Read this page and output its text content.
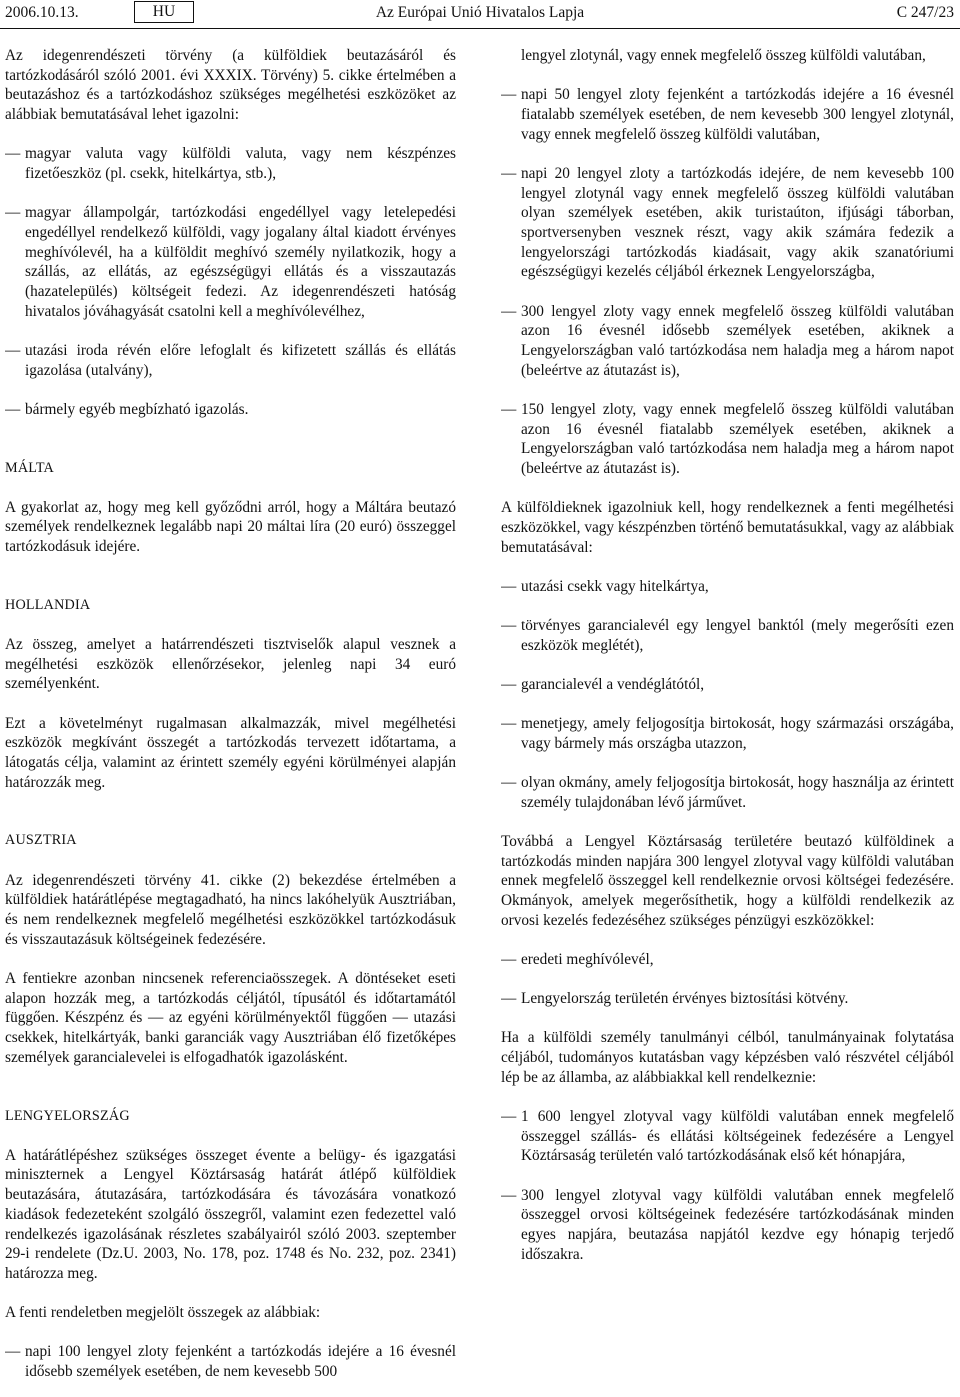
2006.10.13.	HU	Az Európai Unió Hivatalos Lapja	C 247/23

Az idegenrendészeti törvény (a külföldiek beutazásáról és tartózkodásáról szóló 2001. évi XXXIX. Törvény) 5. cikke értelmében a beutazáshoz és a tartózkodáshoz szükséges megélhetési eszközöket az alábbiak bemutatásával lehet igazolni:

— magyar valuta vagy külföldi valuta, vagy nem készpénzes fizetőeszköz (pl. csekk, hitelkártya, stb.),
— magyar állampolgár, tartózkodási engedéllyel vagy letelepedési engedéllyel rendelkező külföldi, vagy jogalany által kiadott érvényes meghívólevél, ha a külföldit meghívó személy nyilatkozik, hogy a szállás, az ellátás, az egészségügyi ellátás és a visszautazás (hazatelepülés) költségeit fedezi. Az idegenrendészeti hatóság hivatalos jóváhagyását csatolni kell a meghívólevélhez,
— utazási iroda révén előre lefoglalt és kifizetett szállás és ellátás igazolása (utalvány),
— bármely egyéb megbízható igazolás.
MÁLTA

A gyakorlat az, hogy meg kell győződni arról, hogy a Máltára beutazó személyek rendelkeznek legalább napi 20 máltai líra (20 euró) összeggel tartózkodásuk idejére.

HOLLANDIA

Az összeg, amelyet a határrendészeti tisztviselők alapul vesznek a megélhetési eszközök ellenőrzésekor, jelenleg napi 34 euró személyenként.

Ezt a követelményt rugalmasan alkalmazzák, mivel megélhetési eszközök megkívánt összegét a tartózkodás tervezett időtartama, a látogatás célja, valamint az érintett személy egyéni körülményei alapján határozzák meg.

AUSZTRIA

Az idegenrendészeti törvény 41. cikke (2) bekezdése értelmében a külföldiek határátlépése megtagadható, ha nincs lakóhelyük Ausztriában, és nem rendelkeznek megfelelő megélhetési eszközökkel tartózkodásuk és visszautazásuk költségeinek fedezésére.

A fentiekre azonban nincsenek referenciaösszegek. A döntéseket eseti alapon hozzák meg, a tartózkodás céljától, típusától és időtartamától függően. Készpénz és — az egyéni körülményektől függően — utazási csekkek, hitelkártyák, banki garanciák vagy Ausztriában élő fizetőképes személyek garancialevelei is elfogadhatók igazolásként.

LENGYELORSZÁG

A határátlépéshez szükséges összeget évente a belügy- és igazgatási miniszternek a Lengyel Köztársaság határát átlépő külföldiek beutazására, átutazására, tartózkodására és távozására vonatkozó kiadások fedezeteként szolgáló összegről, valamint ezen fedezettel való rendelkezés igazolásának részletes szabályairól szóló 2003. szeptember 29-i rendelete (Dz.U. 2003, No. 178, poz. 1748 és No. 232, poz. 2341) határozza meg.

A fenti rendeletben megjelölt összegek az alábbiak:

— napi 100 lengyel zloty fejenként a tartózkodás idejére a 16 évesnél idősebb személyek esetében, de nem kevesebb 500

lengyel zlotynál, vagy ennek megfelelő összeg külföldi valutában,

— napi 50 lengyel zloty fejenként a tartózkodás idejére a 16 évesnél fiatalabb személyek esetében, de nem kevesebb 300 lengyel zlotynál, vagy ennek megfelelő összeg külföldi valutában,
— napi 20 lengyel zloty a tartózkodás idejére, de nem kevesebb 100 lengyel zlotynál vagy ennek megfelelő összeg külföldi valutában olyan személyek esetében, akik turistaúton, ifjúsági táborban, sportversenyben vesznek részt, vagy akik számára fedezik a lengyelországi tartózkodás kiadásait, vagy akik szanatóriumi egészségügyi kezelés céljából érkeznek Lengyelországba,
— 300 lengyel zloty vagy ennek megfelelő összeg külföldi valutában azon 16 évesnél idősebb személyek esetében, akiknek a Lengyelországban való tartózkodása nem haladja meg a három napot (beleértve az átutazást is),
— 150 lengyel zloty, vagy ennek megfelelő összeg külföldi valutában azon 16 évesnél fiatalabb személyek esetében, akiknek a Lengyelországban való tartózkodása nem haladja meg a három napot (beleértve az átutazást is).

A külföldieknek igazolniuk kell, hogy rendelkeznek a fenti megélhetési eszközökkel, vagy készpénzben történő bemutatásukkal, vagy az alábbiak bemutatásával:

— utazási csekk vagy hitelkártya,
— törvényes garancialevél egy lengyel banktól (mely megerősíti ezen eszközök meglétét),
— garancialevél a vendéglátótól,
— menetjegy, amely feljogosítja birtokosát, hogy származási országába, vagy bármely más országba utazzon,
— olyan okmány, amely feljogosítja birtokosát, hogy használja az érintett személy tulajdonában lévő járművet.

Továbbá a Lengyel Köztársaság területére beutazó külföldinek a tartózkodás minden napjára 300 lengyel zlotyval vagy külföldi valutában ennek megfelelő összeggel kell rendelkeznie orvosi költségei fedezésére. Okmányok, amelyek megerősíthetik, hogy a külföldi rendelkezik az orvosi kezelés fedezéséhez szükséges pénzügyi eszközökkel:

— eredeti meghívólevél,
— Lengyelország területén érvényes biztosítási kötvény.

Ha a külföldi személy tanulmányi célból, tanulmányainak folytatása céljából, tudományos kutatásban vagy képzésben való részvétel céljából lép be az államba, az alábbiakkal kell rendelkeznie:

— 1 600 lengyel zlotyval vagy külföldi valutában ennek megfelelő összeggel szállás- és ellátási költségeinek fedezésére a Lengyel Köztársaság területén való tartózkodásának első két hónapjára,
— 300 lengyel zlotyval vagy külföldi valutában ennek megfelelő összeggel orvosi költségeinek fedezésére tartózkodásának minden egyes napjára, beutazása napjától kezdve egy hónapig terjedő időszakra.
